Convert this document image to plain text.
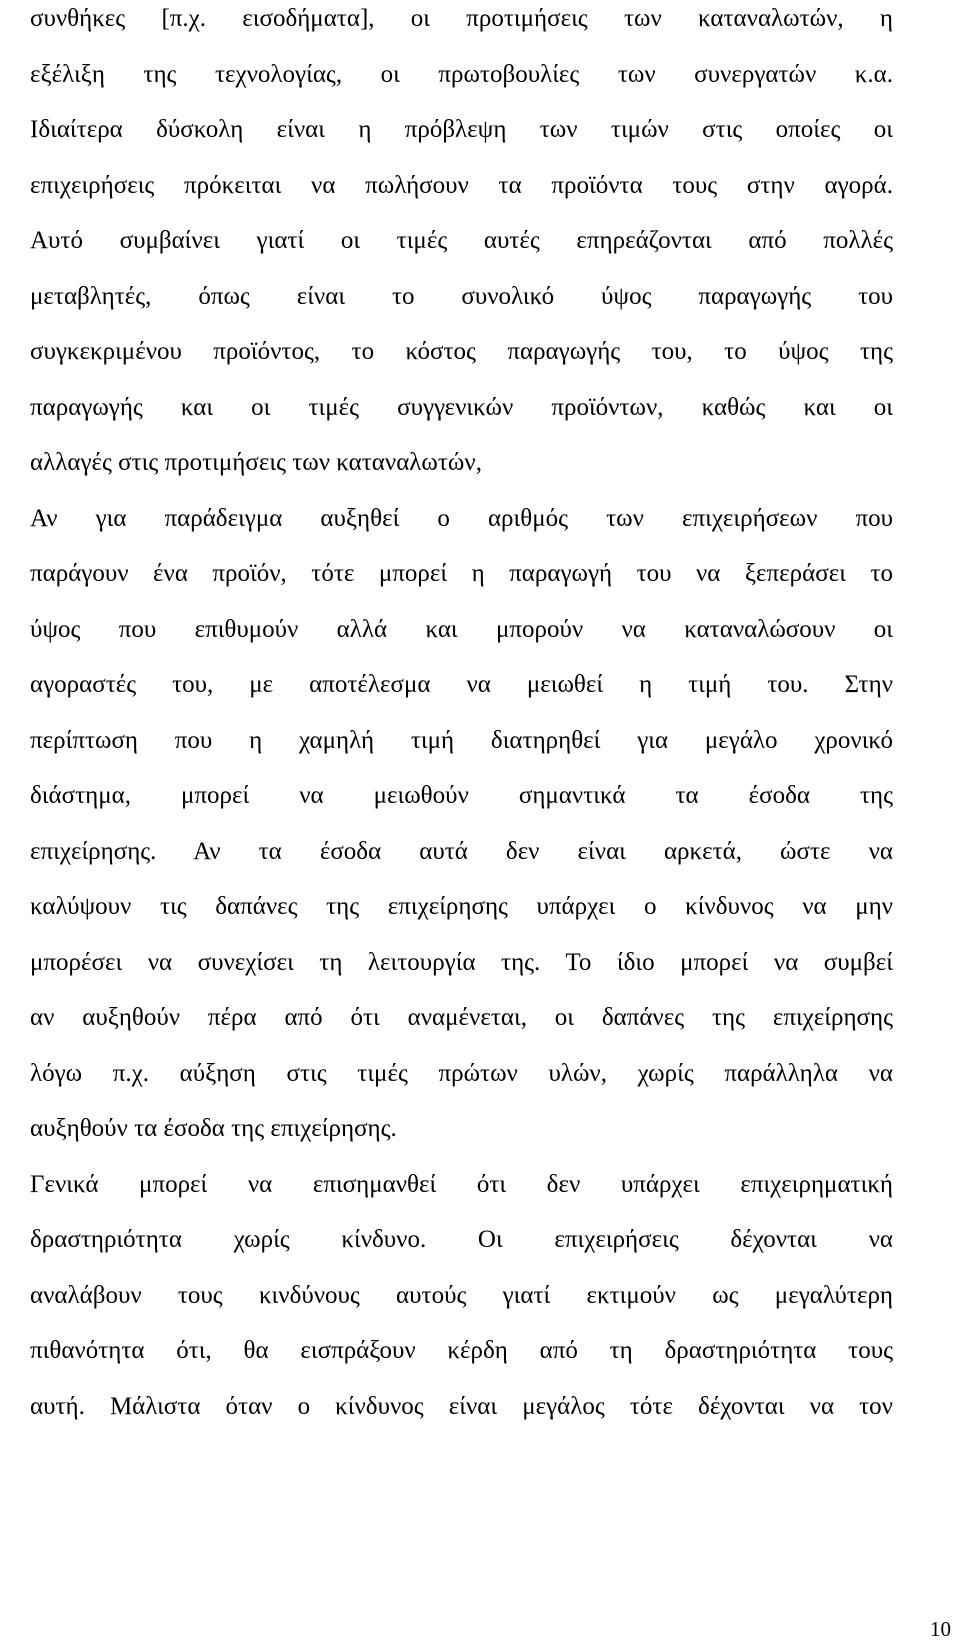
συνθήκες [π.χ. εισοδήματα], οι προτιμήσεις των καταναλωτών, η
εξέλιξη της τεχνολογίας, οι πρωτοβουλίες των συνεργατών κ.α.
Ιδιαίτερα δύσκολη είναι η πρόβλεψη των τιμών στις οποίες οι
επιχειρήσεις πρόκειται να πωλήσουν τα προϊόντα τους στην αγορά.
Αυτό συμβαίνει γιατί οι τιμές αυτές επηρεάζονται από πολλές
μεταβλητές, όπως είναι το συνολικό ύψος παραγωγής του
συγκεκριμένου προϊόντος, το κόστος παραγωγής του, το ύψος της
παραγωγής και οι τιμές συγγενικών προϊόντων, καθώς και οι
αλλαγές στις προτιμήσεις των καταναλωτών,
Αν για παράδειγμα αυξηθεί ο αριθμός των επιχειρήσεων που
παράγουν ένα προϊόν, τότε μπορεί η παραγωγή του να ξεπεράσει το
ύψος που επιθυμούν αλλά και μπορούν να καταναλώσουν οι
αγοραστές του, με αποτέλεσμα να μειωθεί η τιμή του. Στην
περίπτωση που η χαμηλή τιμή διατηρηθεί για μεγάλο χρονικό
διάστημα, μπορεί να μειωθούν σημαντικά τα έσοδα της
επιχείρησης. Αν τα έσοδα αυτά δεν είναι αρκετά, ώστε να
καλύψουν τις δαπάνες της επιχείρησης υπάρχει ο κίνδυνος να μην
μπορέσει να συνεχίσει τη λειτουργία της. Το ίδιο μπορεί να συμβεί
αν αυξηθούν πέρα από ότι αναμένεται, οι δαπάνες της επιχείρησης
λόγω π.χ. αύξηση στις τιμές πρώτων υλών, χωρίς παράλληλα να
αυξηθούν τα έσοδα της επιχείρησης.
Γενικά μπορεί να επισημανθεί ότι δεν υπάρχει επιχειρηματική
δραστηριότητα χωρίς κίνδυνο. Οι επιχειρήσεις δέχονται να
αναλάβουν τους κινδύνους αυτούς γιατί εκτιμούν ως μεγαλύτερη
πιθανότητα ότι, θα εισπράξουν κέρδη από τη δραστηριότητα τους
αυτή. Μάλιστα όταν ο κίνδυνος είναι μεγάλος τότε δέχονται να τον
10
